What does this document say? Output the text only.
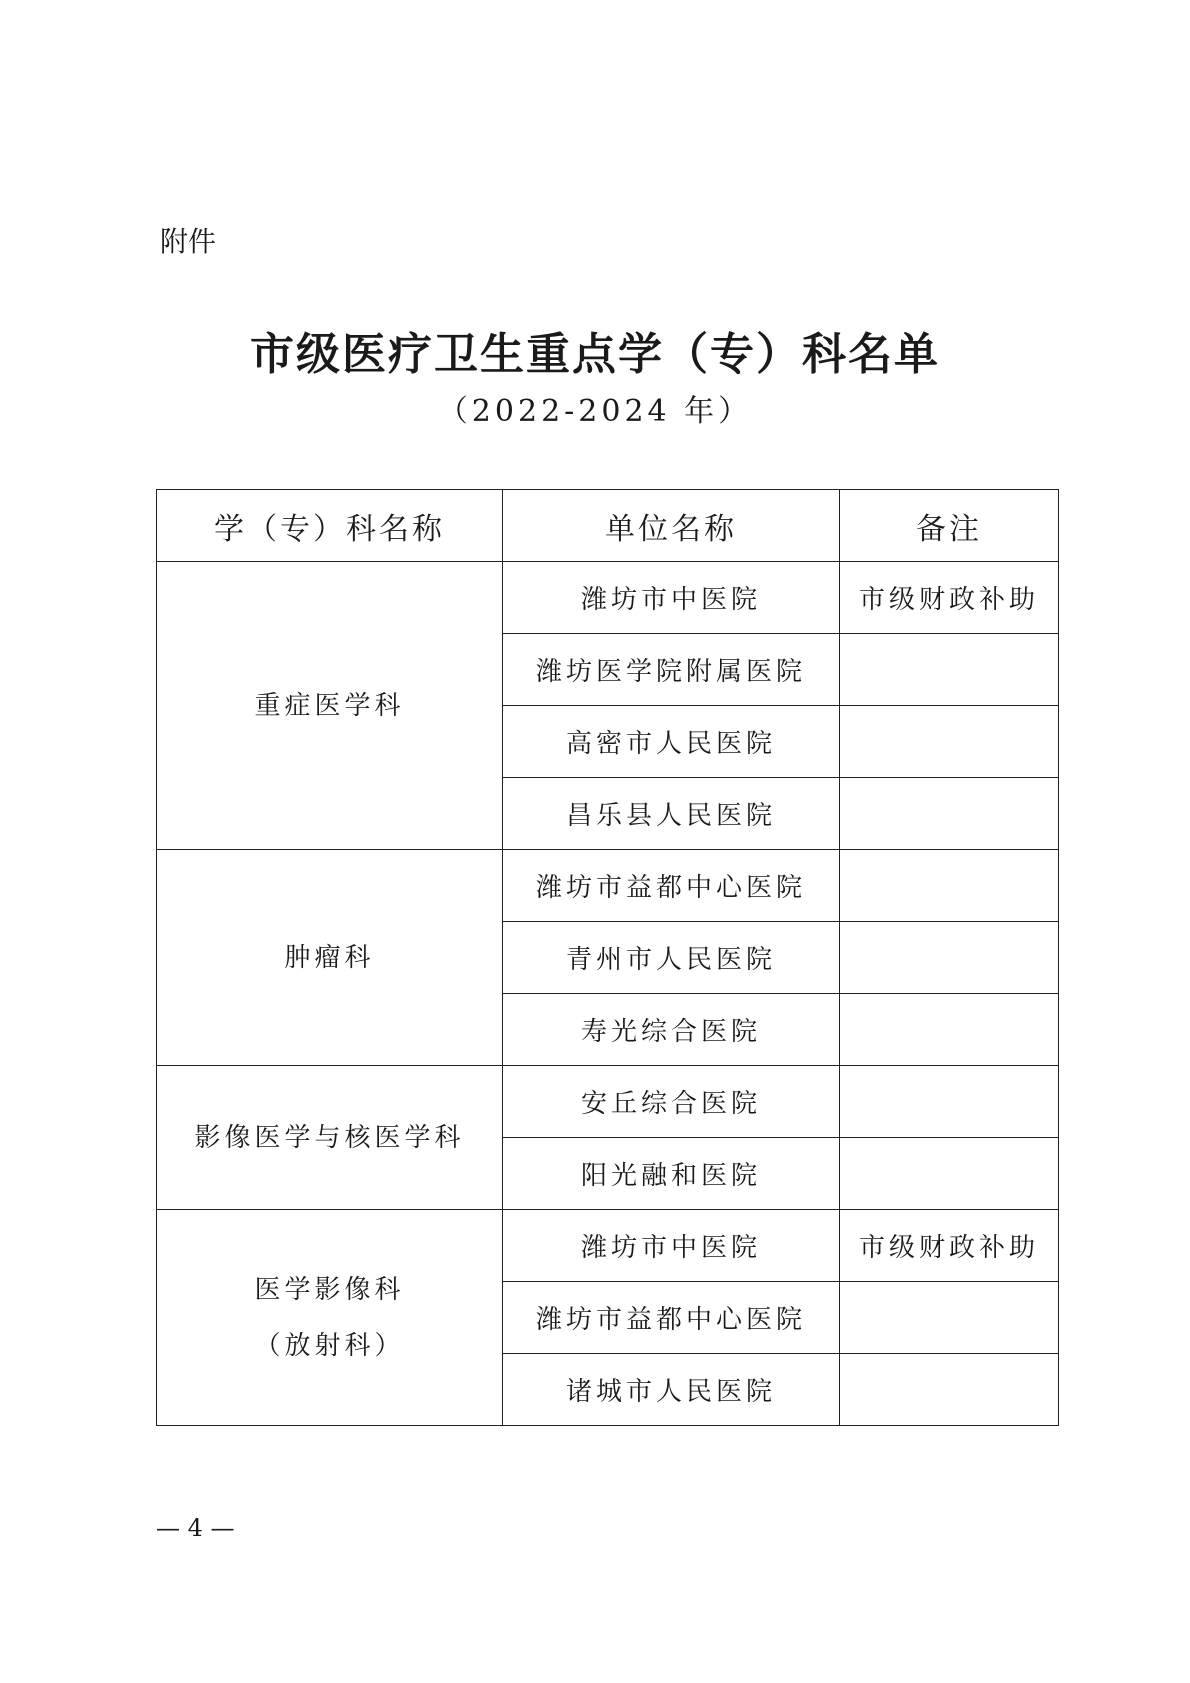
附件
市级医疗卫生重点学（专）科名单
（2022-2024 年）
学（专）科名称	单位名称	备注

重症医学科	潍坊市中医院	市级财政补助
	潍坊医学院附属医院	
	高密市人民医院	
	昌乐县人民医院	

肿瘤科	潍坊市益都中心医院	
	青州市人民医院	
	寿光综合医院	

影像医学与核医学科	安丘综合医院	
	阳光融和医院	

医学影像科
（放射科）	潍坊市中医院	市级财政补助
	潍坊市益都中心医院	
	诸城市人民医院	
— 4 —
